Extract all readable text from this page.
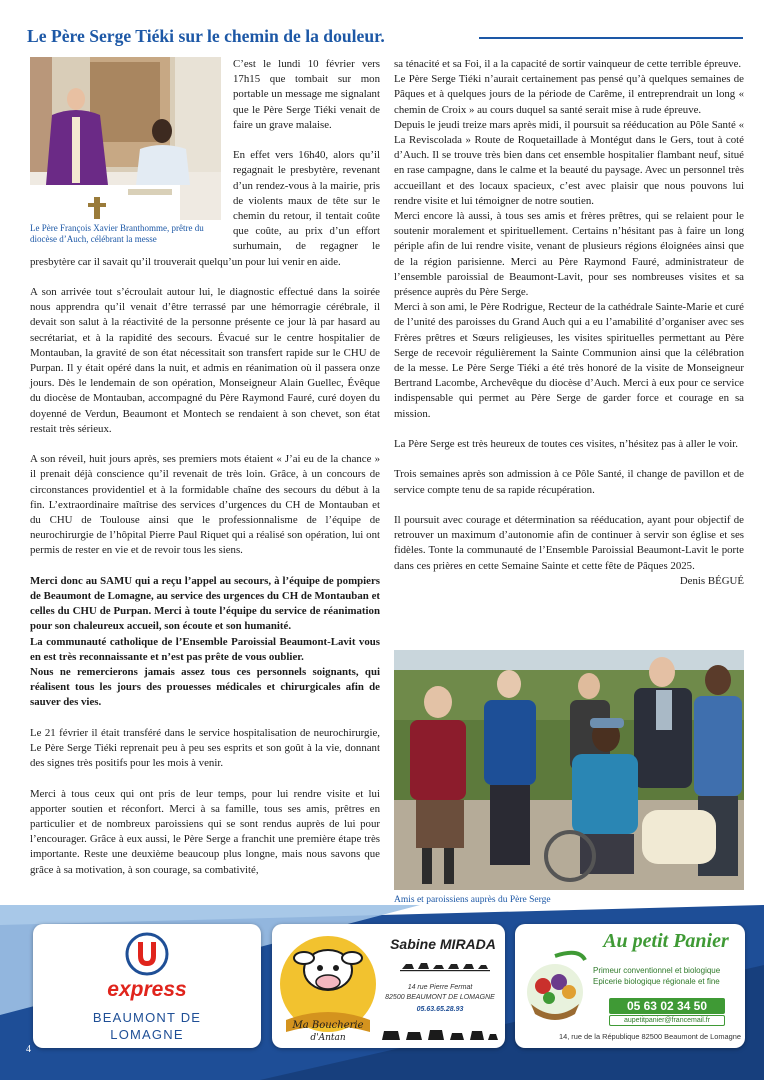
Le Père Serge Tiéki sur le chemin de la douleur.
Le Père François Xavier Branthomme, prêtre du diocèse d’Auch, célébrant la messe

C’est le lundi 10 février vers 17h15 que tombait sur mon portable un message me signalant que le Père Serge Tiéki venait de faire un grave malaise.

En effet vers 16h40, alors qu’il regagnait le presbytère, revenant d’un rendez-vous à la mairie, pris de violents maux de tête sur le chemin du retour, il tentait coûte que coûte, au prix d’un effort surhumain, de regagner le presbytère car il savait qu’il trouverait quelqu’un pour lui venir en aide.

A son arrivée tout s’écroulait autour lui, le diagnostic effectué dans la soirée nous apprendra qu’il venait d’être terrassé par une hémorragie cérébrale, il devait son salut à la réactivité de la personne présente ce jour là par hasard au secrétariat, et à la rapidité des secours. Évacué sur le centre hospitalier de Montauban, la gravité de son état nécessitait son transfert rapide sur le CHU de Purpan. Il y était opéré dans la nuit, et admis en réanimation où il passera onze jours. Dès le lendemain de son opération, Monseigneur Alain Guellec, Évêque du diocèse de Montauban, accompagné du Père Raymond Fauré, curé doyen du doyenné de Verdun, Beaumont et Montech se rendaient à son chevet, son état restait très sérieux.

A son réveil, huit jours après, ses premiers mots étaient « J’ai eu de la chance » il prenait déjà conscience qu’il revenait de très loin. Grâce, à un concours de circonstances providentiel et à la formidable chaîne des secours du début à la fin. L’extraordinaire maîtrise des services d’urgences du CH de Montauban et du CHU de Toulouse ainsi que le professionnalisme de l’équipe de neurochirurgie de l’hôpital Pierre Paul Riquet qui a réalisé son opération, lui ont permis de rester en vie et de revoir tous les siens.

Merci donc au SAMU qui a reçu l’appel au secours, à l’équipe de pompiers de Beaumont de Lomagne, au service des urgences du CH de Montauban et celles du CHU de Purpan. Merci à toute l’équipe du service de réanimation pour son chaleureux accueil, son écoute et son humanité.

La communauté catholique de l’Ensemble Paroissial Beaumont-Lavit vous en est très reconnaissante et n’est pas prête de vous oublier.

Nous ne remercierons jamais assez tous ces personnels soignants, qui réalisent tous les jours des prouesses médicales et chirurgicales afin de sauver des vies.

Le 21 février il était transféré dans le service hospitalisation de neurochirurgie, Le Père Serge Tiéki reprenait peu à peu ses esprits et son goût à la vie, donnant des signes très positifs pour les mois à venir.

Merci à tous ceux qui ont pris de leur temps, pour lui rendre visite et lui apporter soutien et réconfort. Merci à sa famille, tous ses amis, prêtres en particulier et de nombreux paroissiens qui se sont rendus auprès de lui pour l’encourager. Grâce à eux aussi, le Père Serge a franchit une première étape très importante. Reste une deuxième beaucoup plus longne, mais nous savons que grâce à sa motivation, à son courage, sa combativité,

sa ténacité et sa Foi, il a la capacité de sortir vainqueur de cette terrible épreuve.

Le Père Serge Tiéki n’aurait certainement pas pensé qu’à quelques semaines de Pâques et à quelques jours de la période de Carême, il entreprendrait un long « chemin de Croix » au cours duquel sa santé serait mise à rude épreuve.

Depuis le jeudi treize mars après midi, il poursuit sa rééducation au Pôle Santé « La Reviscolada » Route de Roquetaillade à Montégut dans le Gers, tout à coté d’Auch. Il se trouve très bien dans cet ensemble hospitalier flambant neuf, situé en rase campagne, dans le calme et la beauté du paysage. Avec un personnel très accueillant et des locaux spacieux, c’est avec plaisir que nous pouvons lui rendre visite et lui témoigner de notre soutien.

Merci encore là aussi, à tous ses amis et frères prêtres, qui se relaient pour le soutenir moralement et spirituellement. Certains n’hésitant pas à faire un long périple afin de lui rendre visite, venant de plusieurs régions éloignées ainsi que de la région parisienne. Merci au Père Raymond Fauré, administrateur de l’ensemble paroissial de Beaumont-Lavit, pour ses nombreuses visites et sa présence auprès du Père Serge.

Merci à son ami, le Père Rodrigue, Recteur de la cathédrale Sainte-Marie et curé de l’unité des paroisses du Grand Auch qui a eu l’amabilité d’organiser avec ses Frères prêtres et Sœurs religieuses, les visites spirituelles permettant au Père Serge de recevoir régulièrement la Sainte Communion ainsi que la célébration de la messe. Le Père Serge Tiéki a été très honoré de la visite de Monseigneur Bertrand Lacombe, Archevêque du diocèse d’Auch. Merci à eux pour ce service indispensable qui permet au Père Serge de garder force et courage en sa mission.

La Père Serge est très heureux de toutes ces visites, n’hésitez pas à aller le voir.

Trois semaines après son admission à ce Pôle Santé, il change de pavillon et de service compte tenu de sa rapide récupération.

Il poursuit avec courage et détermination sa rééducation, ayant pour objectif de retrouver un maximum d’autonomie afin de continuer à servir son église et ses fidèles. Tonte la communauté de l’Ensemble Paroissial Beaumont-Lavit le porte dans ces prières en cette Semaine Sainte et cette fête de Pâques 2025.

Denis BÉGUÉ

Amis et paroissiens auprès du Père Serge
express
BEAUMONT DE
LOMAGNE
Ma Boucherie
d'Antan
Sabine MIRADA
14 rue Pierre Fermat
82500 BEAUMONT DE LOMAGNE
05.63.65.28.93
Au petit Panier
Primeur conventionnel et biologique
Epicerie biologique régionale et fine
05 63 02 34 50
aupetitpanier@francemail.fr
14, rue de la République 82500 Beaumont de Lomagne
4
